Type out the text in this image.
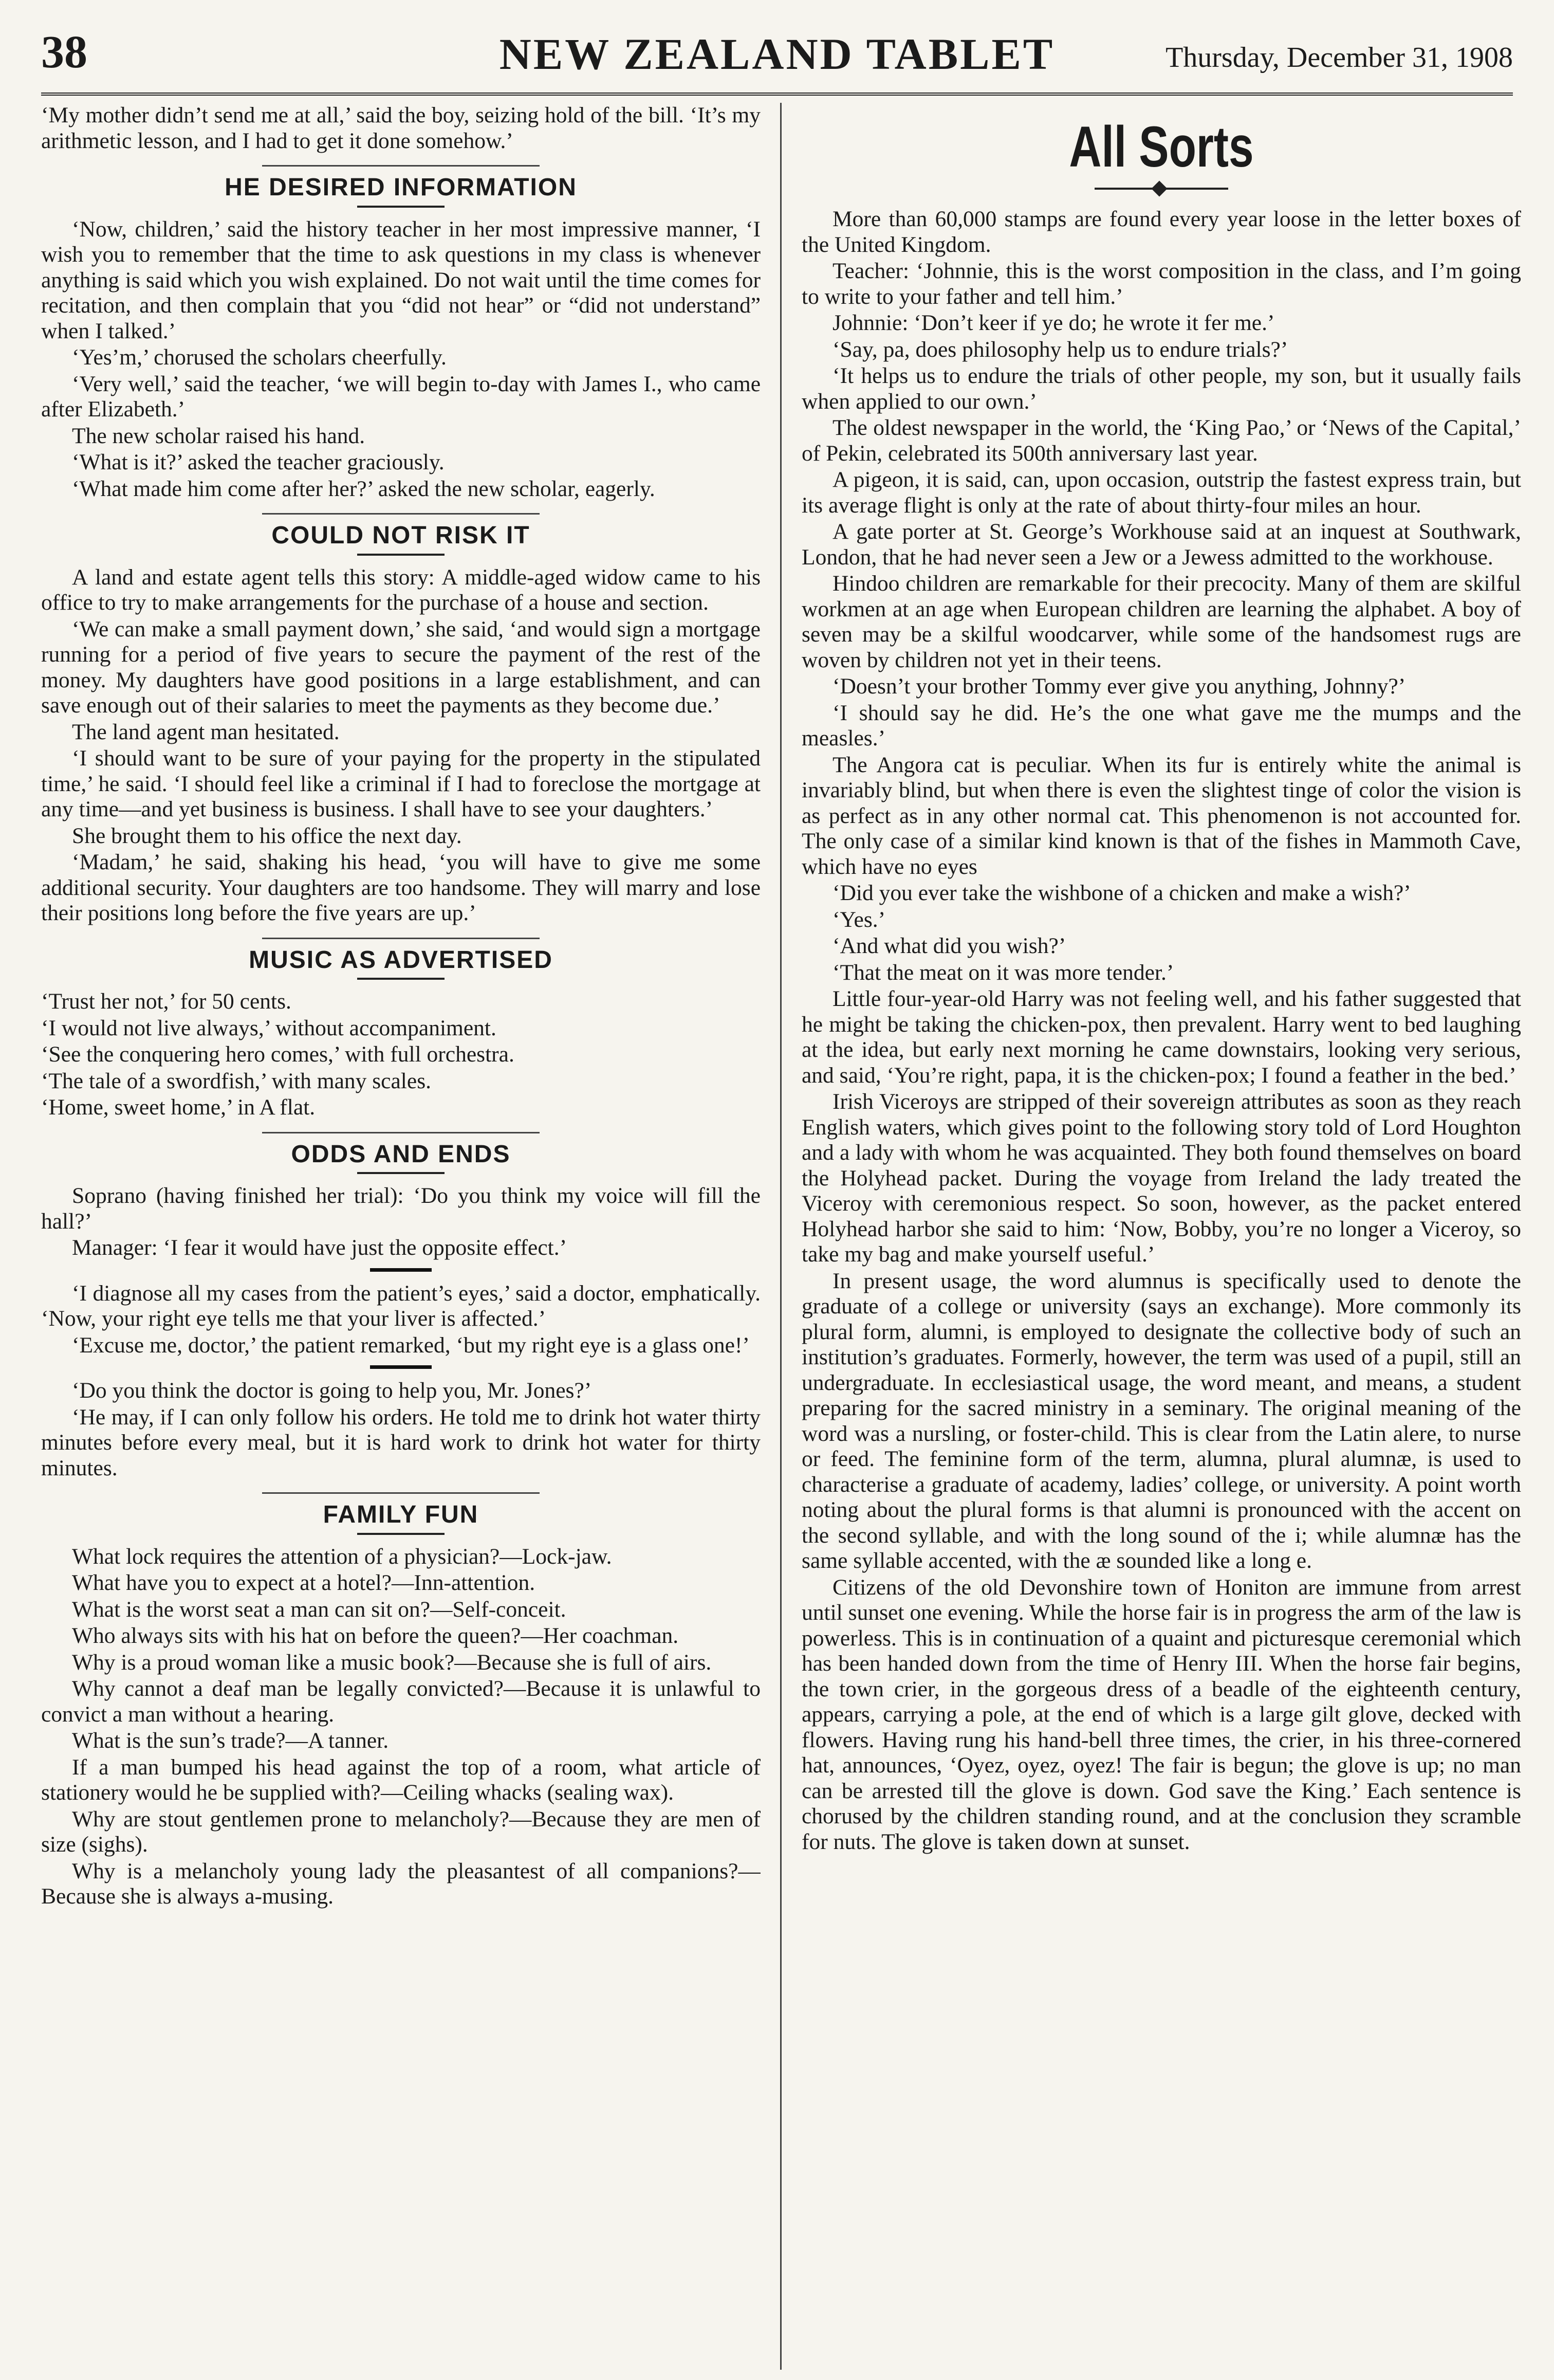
38	NEW ZEALAND TABLET	Thursday, December 31, 1908

‘My mother didn’t send me at all,’ said the boy, seizing hold of the bill. ‘It’s my arithmetic lesson, and I had to get it done somehow.’

HE DESIRED INFORMATION

‘Now, children,’ said the history teacher in her most impressive manner, ‘I wish you to remember that the time to ask questions in my class is whenever anything is said which you wish explained. Do not wait until the time comes for recitation, and then complain that you “did not hear” or “did not understand” when I talked.’

‘Yes’m,’ chorused the scholars cheerfully.

‘Very well,’ said the teacher, ‘we will begin to-day with James I., who came after Elizabeth.’

The new scholar raised his hand.

‘What is it?’ asked the teacher graciously.

‘What made him come after her?’ asked the new scholar, eagerly.

COULD NOT RISK IT

A land and estate agent tells this story: A middle-aged widow came to his office to try to make arrangements for the purchase of a house and section.

‘We can make a small payment down,’ she said, ‘and would sign a mortgage running for a period of five years to secure the payment of the rest of the money. My daughters have good positions in a large establishment, and can save enough out of their salaries to meet the payments as they become due.’

The land agent man hesitated.

‘I should want to be sure of your paying for the property in the stipulated time,’ he said. ‘I should feel like a criminal if I had to foreclose the mortgage at any time—and yet business is business. I shall have to see your daughters.’

She brought them to his office the next day.

‘Madam,’ he said, shaking his head, ‘you will have to give me some additional security. Your daughters are too handsome. They will marry and lose their positions long before the five years are up.’

MUSIC AS ADVERTISED

‘Trust her not,’ for 50 cents.

‘I would not live always,’ without accompaniment.

‘See the conquering hero comes,’ with full orchestra.

‘The tale of a swordfish,’ with many scales.

‘Home, sweet home,’ in A flat.

ODDS AND ENDS

Soprano (having finished her trial): ‘Do you think my voice will fill the hall?’

Manager: ‘I fear it would have just the opposite effect.’

‘I diagnose all my cases from the patient’s eyes,’ said a doctor, emphatically. ‘Now, your right eye tells me that your liver is affected.’

‘Excuse me, doctor,’ the patient remarked, ‘but my right eye is a glass one!’

‘Do you think the doctor is going to help you, Mr. Jones?’

‘He may, if I can only follow his orders. He told me to drink hot water thirty minutes before every meal, but it is hard work to drink hot water for thirty minutes.

FAMILY FUN

What lock requires the attention of a physician?—Lock-jaw.

What have you to expect at a hotel?—Inn-attention.

What is the worst seat a man can sit on?—Self-conceit.

Who always sits with his hat on before the queen?—Her coachman.

Why is a proud woman like a music book?—Because she is full of airs.

Why cannot a deaf man be legally convicted?—Because it is unlawful to convict a man without a hearing.

What is the sun’s trade?—A tanner.

If a man bumped his head against the top of a room, what article of stationery would he be supplied with?—Ceiling whacks (sealing wax).

Why are stout gentlemen prone to melancholy?—Because they are men of size (sighs).

Why is a melancholy young lady the pleasantest of all companions?—Because she is always a-musing.

All Sorts

More than 60,000 stamps are found every year loose in the letter boxes of the United Kingdom.

Teacher: ‘Johnnie, this is the worst composition in the class, and I’m going to write to your father and tell him.’

Johnnie: ‘Don’t keer if ye do; he wrote it fer me.’

‘Say, pa, does philosophy help us to endure trials?’

‘It helps us to endure the trials of other people, my son, but it usually fails when applied to our own.’

The oldest newspaper in the world, the ‘King Pao,’ or ‘News of the Capital,’ of Pekin, celebrated its 500th anniversary last year.

A pigeon, it is said, can, upon occasion, outstrip the fastest express train, but its average flight is only at the rate of about thirty-four miles an hour.

A gate porter at St. George’s Workhouse said at an inquest at Southwark, London, that he had never seen a Jew or a Jewess admitted to the workhouse.

Hindoo children are remarkable for their precocity. Many of them are skilful workmen at an age when European children are learning the alphabet. A boy of seven may be a skilful woodcarver, while some of the handsomest rugs are woven by children not yet in their teens.

‘Doesn’t your brother Tommy ever give you anything, Johnny?’

‘I should say he did. He’s the one what gave me the mumps and the measles.’

The Angora cat is peculiar. When its fur is entirely white the animal is invariably blind, but when there is even the slightest tinge of color the vision is as perfect as in any other normal cat. This phenomenon is not accounted for. The only case of a similar kind known is that of the fishes in Mammoth Cave, which have no eyes

‘Did you ever take the wishbone of a chicken and make a wish?’

‘Yes.’

‘And what did you wish?’

‘That the meat on it was more tender.’

Little four-year-old Harry was not feeling well, and his father suggested that he might be taking the chicken-pox, then prevalent. Harry went to bed laughing at the idea, but early next morning he came downstairs, looking very serious, and said, ‘You’re right, papa, it is the chicken-pox; I found a feather in the bed.’

Irish Viceroys are stripped of their sovereign attributes as soon as they reach English waters, which gives point to the following story told of Lord Houghton and a lady with whom he was acquainted. They both found themselves on board the Holyhead packet. During the voyage from Ireland the lady treated the Viceroy with ceremonious respect. So soon, however, as the packet entered Holyhead harbor she said to him: ‘Now, Bobby, you’re no longer a Viceroy, so take my bag and make yourself useful.’

In present usage, the word alumnus is specifically used to denote the graduate of a college or university (says an exchange). More commonly its plural form, alumni, is employed to designate the collective body of such an institution’s graduates. Formerly, however, the term was used of a pupil, still an undergraduate. In ecclesiastical usage, the word meant, and means, a student preparing for the sacred ministry in a seminary. The original meaning of the word was a nursling, or foster-child. This is clear from the Latin alere, to nurse or feed. The feminine form of the term, alumna, plural alumnæ, is used to characterise a graduate of academy, ladies’ college, or university. A point worth noting about the plural forms is that alumni is pronounced with the accent on the second syllable, and with the long sound of the i; while alumnæ has the same syllable accented, with the æ sounded like a long e.

Citizens of the old Devonshire town of Honiton are immune from arrest until sunset one evening. While the horse fair is in progress the arm of the law is powerless. This is in continuation of a quaint and picturesque ceremonial which has been handed down from the time of Henry III. When the horse fair begins, the town crier, in the gorgeous dress of a beadle of the eighteenth century, appears, carrying a pole, at the end of which is a large gilt glove, decked with flowers. Having rung his hand-bell three times, the crier, in his three-cornered hat, announces, ‘Oyez, oyez, oyez! The fair is begun; the glove is up; no man can be arrested till the glove is down. God save the King.’ Each sentence is chorused by the children standing round, and at the conclusion they scramble for nuts. The glove is taken down at sunset.
